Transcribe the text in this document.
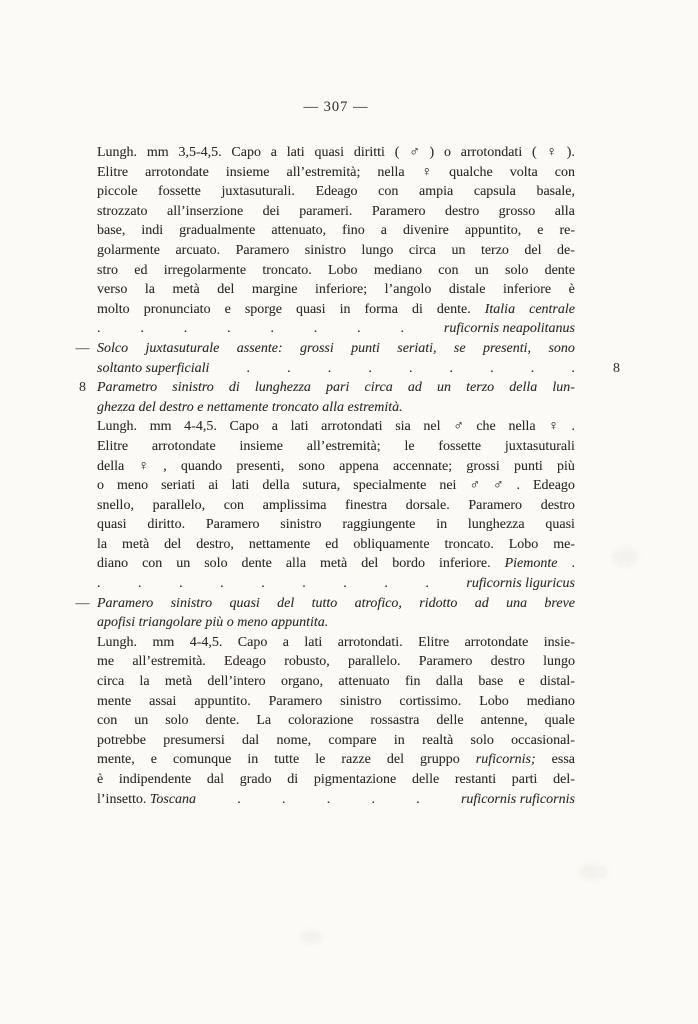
— 307 —
Lungh. mm 3,5-4,5. Capo a lati quasi diritti ( ♂ ) o arrotondati ( ♀ ).
Elitre arrotondate insieme all’estremità; nella ♀ qualche volta con
piccole fossette juxtasuturali. Edeago con ampia capsula basale,
strozzato all’inserzione dei parameri. Paramero destro grosso alla
base, indi gradualmente attenuato, fino a divenire appuntito, e re-
golarmente arcuato. Paramero sinistro lungo circa un terzo del de-
stro ed irregolarmente troncato. Lobo mediano con un solo dente
verso la metà del margine inferiore; l’angolo distale inferiore è
molto pronunciato e sporge quasi in forma di dente. Italia centrale
.	.	.	.	.	.	.	.	ruficornis neapolitanus
— Solco juxtasuturale assente: grossi punti seriati, se presenti, sono
soltanto superficiali	.	.	.	.	.	.	.	.	.	8
8 Parametro sinistro di lunghezza pari circa ad un terzo della lun-
ghezza del destro e nettamente troncato alla estremità.
Lungh. mm 4-4,5. Capo a lati arrotondati sia nel ♂ che nella ♀ .
Elitre arrotondate insieme all’estremità; le fossette juxtasuturali
della ♀ , quando presenti, sono appena accennate; grossi punti più
o meno seriati ai lati della sutura, specialmente nei ♂ ♂ . Edeago
snello, parallelo, con amplissima finestra dorsale. Paramero destro
quasi diritto. Paramero sinistro raggiungente in lunghezza quasi
la metà del destro, nettamente ed obliquamente troncato. Lobo me-
diano con un solo dente alla metà del bordo inferiore. Piemonte .
.	.	.	.	.	.	.	.	.	ruficornis liguricus
— Paramero sinistro quasi del tutto atrofico, ridotto ad una breve
apofisi triangolare più o meno appuntita.
Lungh. mm 4-4,5. Capo a lati arrotondati. Elitre arrotondate insie-
me all’estremità. Edeago robusto, parallelo. Paramero destro lungo
circa la metà dell’intero organo, attenuato fin dalla base e distal-
mente assai appuntito. Paramero sinistro cortissimo. Lobo mediano
con un solo dente. La colorazione rossastra delle antenne, quale
potrebbe presumersi dal nome, compare in realtà solo occasional-
mente, e comunque in tutte le razze del gruppo ruficornis; essa
è indipendente dal grado di pigmentazione delle restanti parti del-
l’insetto. Toscana	.	.	.	.	.	ruficornis ruficornis
